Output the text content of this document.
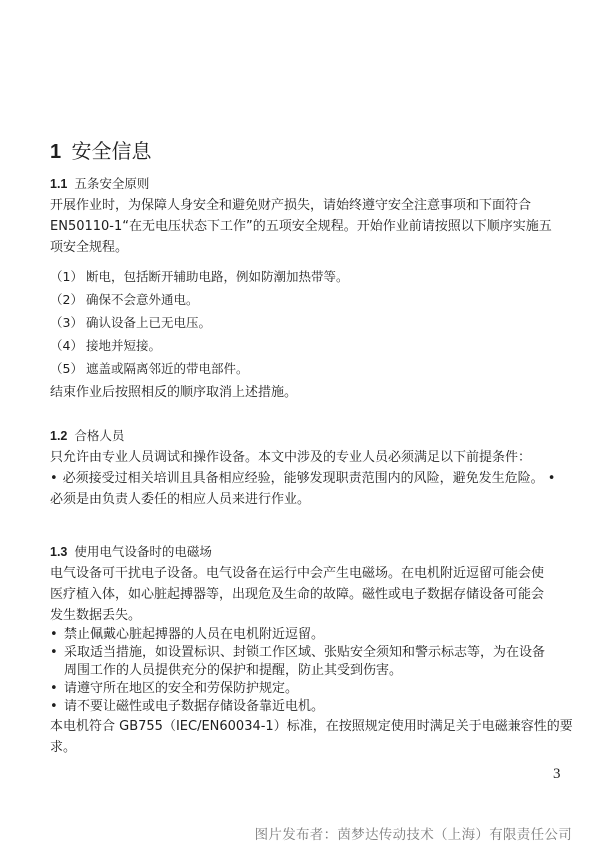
1 安全信息
1.1 五条安全原则

开展作业时，为保障人身安全和避免财产损失，请始终遵守安全注意事项和下面符合

EN50110-1“在无电压状态下工作”的五项安全规程。开始作业前请按照以下顺序实施五

项安全规程。

（1） 断电，包括断开辅助电路，例如防潮加热带等。
（2） 确保不会意外通电。
（3） 确认设备上已无电压。
（4） 接地并短接。
（5） 遮盖或隔离邻近的带电部件。

结束作业后按照相反的顺序取消上述措施。

1.2 合格人员

只允许由专业人员调试和操作设备。本文中涉及的专业人员必须满足以下前提条件：

• 必须接受过相关培训且具备相应经验，能够发现职责范围内的风险，避免发生危险。 •

必须是由负责人委任的相应人员来进行作业。

1.3 使用电气设备时的电磁场

电气设备可干扰电子设备。电气设备在运行中会产生电磁场。在电机附近逗留可能会使

医疗植入体，如心脏起搏器等，出现危及生命的故障。磁性或电子数据存储设备可能会

发生数据丢失。

• 禁止佩戴心脏起搏器的人员在电机附近逗留。
• 采取适当措施，如设置标识、封锁工作区域、张贴安全须知和警示标志等，为在设备
周围工作的人员提供充分的保护和提醒，防止其受到伤害。
• 请遵守所在地区的安全和劳保防护规定。
• 请不要让磁性或电子数据存储设备靠近电机。

本电机符合 GB755（IEC/EN60034-1）标准，在按照规定使用时满足关于电磁兼容性的要

求。

3
图片发布者：茵梦达传动技术（上海）有限责任公司
